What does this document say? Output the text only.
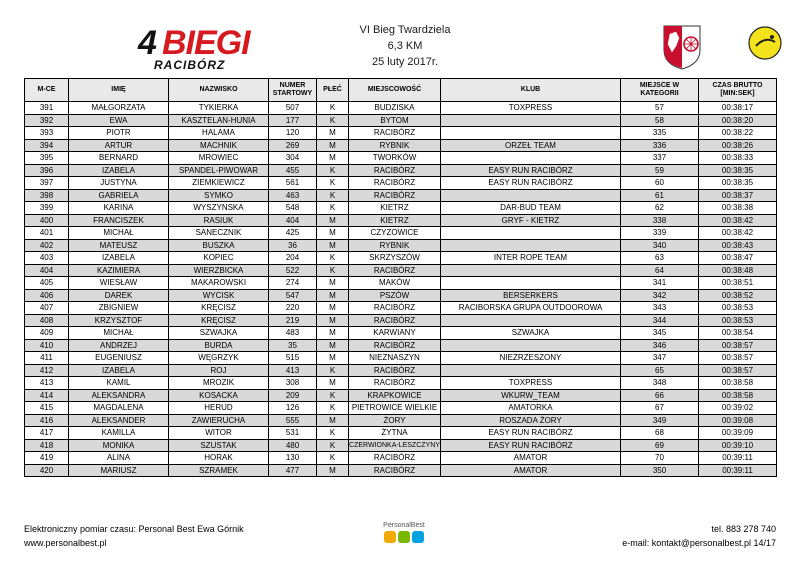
4 BIEGI
RACIBÓRZ
VI Bieg Twardziela
6,3 KM
25 luty 2017r.
M-CE	IMIĘ	NAZWISKO	NUMER STARTOWY	PŁEĆ	MIEJSCOWOŚĆ	KLUB	MIEJSCE W KATEGORII	CZAS BRUTTO [MIN:SEK]
391	MAŁGORZATA	TYKIERKA	507	K	BUDZISKA	TOXPRESS	57	00:38:17
392	EWA	KASZTELAN-HUNIA	177	K	BYTOM		58	00:38:20
393	PIOTR	HALAMA	120	M	RACIBÓRZ		335	00:38:22
394	ARTUR	MACHNIK	269	M	RYBNIK	ORZEŁ TEAM	336	00:38:26
395	BERNARD	MROWIEC	304	M	TWORKÓW		337	00:38:33
396	IZABELA	SPANDEL-PIWOWAR	455	K	RACIBÓRZ	EASY RUN RACIBÓRZ	59	00:38:35
397	JUSTYNA	ZIEMKIEWICZ	561	K	RACIBÓRZ	EASY RUN RACIBÓRZ	60	00:38:35
398	GABRIELA	SYMKO	463	K	RACIBÓRZ		61	00:38:37
399	KARINA	WYSZYNSKA	548	K	KIETRZ	DAR-BUD TEAM	62	00:38:38
400	FRANCISZEK	RASIUK	404	M	KIETRZ	GRYF - KIETRZ	338	00:38:42
401	MICHAŁ	SANECZNIK	425	M	CZYZOWICE		339	00:38:42
402	MATEUSZ	BUSZKA	36	M	RYBNIK		340	00:38:43
403	IZABELA	KOPIEC	204	K	SKRZYSZÓW	INTER ROPE TEAM	63	00:38:47
404	KAZIMIERA	WIERZBICKA	522	K	RACIBÓRZ		64	00:38:48
405	WIESŁAW	MAKAROWSKI	274	M	MAKÓW		341	00:38:51
406	DAREK	WYCISK	547	M	PSZÓW	BERSERKERS	342	00:38:52
407	ZBIGNIEW	KRĘCISZ	220	M	RACIBÓRZ	RACIBORSKA GRUPA OUTDOOROWA	343	00:38:53
408	KRZYSZTOF	KRĘCISZ	219	M	RACIBÓRZ		344	00:38:53
409	MICHAŁ	SZWAJKA	483	M	KARWIANY	SZWAJKA	345	00:38:54
410	ANDRZEJ	BURDA	35	M	RACIBÓRZ		346	00:38:57
411	EUGENIUSZ	WĘGRZYK	515	M	NIEZNASZYN	NIEZRZESZONY	347	00:38:57
412	IZABELA	ROJ	413	K	RACIBÓRZ		65	00:38:57
413	KAMIL	MROZIK	308	M	RACIBÓRZ	TOXPRESS	348	00:38:58
414	ALEKSANDRA	KOSACKA	209	K	KRAPKOWICE	WKURW_TEAM	66	00:38:58
415	MAGDALENA	HERUD	126	K	PIETROWICE WIELKIE	AMATORKA	67	00:39:02
416	ALEKSANDER	ZAWIERUCHA	555	M	ŻORY	ROSZADA ŻORY	349	00:39:08
417	KAMILLA	WITOR	531	K	ŻYTNA	EASY RUN RACIBÓRZ	68	00:39:09
418	MONIKA	SZUSTAK	480	K	CZERWIONKA-LESZCZYNY	EASY RUN RACIBÓRZ	69	00:39:10
419	ALINA	HORAK	130	K	RACIBÓRZ	AMATOR	70	00:39:11
420	MARIUSZ	SZRAMEK	477	M	RACIBÓRZ	AMATOR	350	00:39:11
Elektroniczny pomiar czasu: Personal Best Ewa Górnik
www.personalbest.pl
PersonalBest	tel. 883 278 740
e-mail: kontakt@personalbest.pl 14/17
